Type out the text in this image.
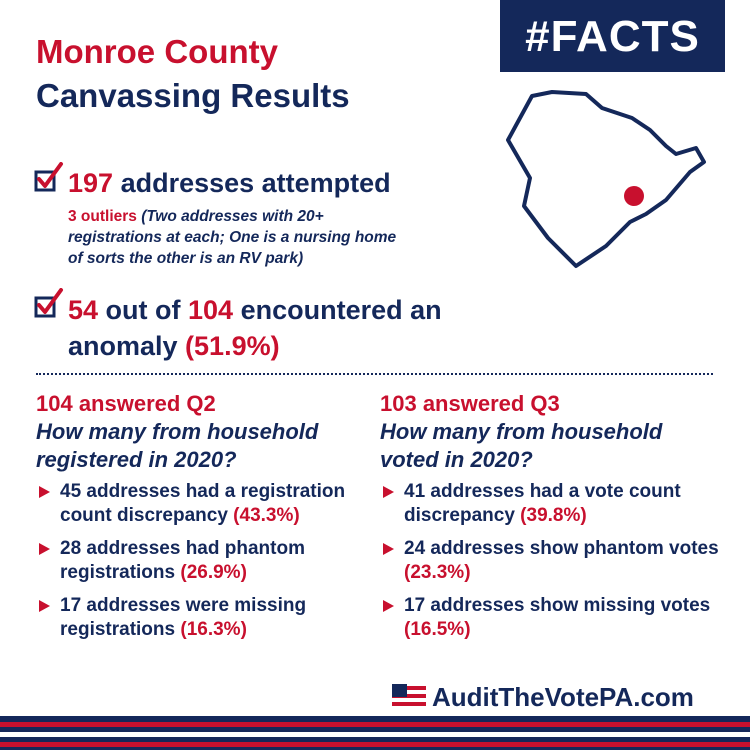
Monroe County
Canvassing Results
#FACTS
197 addresses attempted
3 outliers (Two addresses with 20+ registrations at each; One is a nursing home of sorts the other is an RV park)
54 out of 104 encountered an anomaly (51.9%)
104 answered Q2
How many from household registered in 2020?
45 addresses had a registration count discrepancy (43.3%)
28 addresses had phantom registrations (26.9%)
17 addresses were missing registrations (16.3%)
103 answered Q3
How many from household voted in 2020?
41 addresses had a vote count discrepancy (39.8%)
24 addresses show phantom votes (23.3%)
17 addresses show missing votes (16.5%)
AuditTheVotePA.com
